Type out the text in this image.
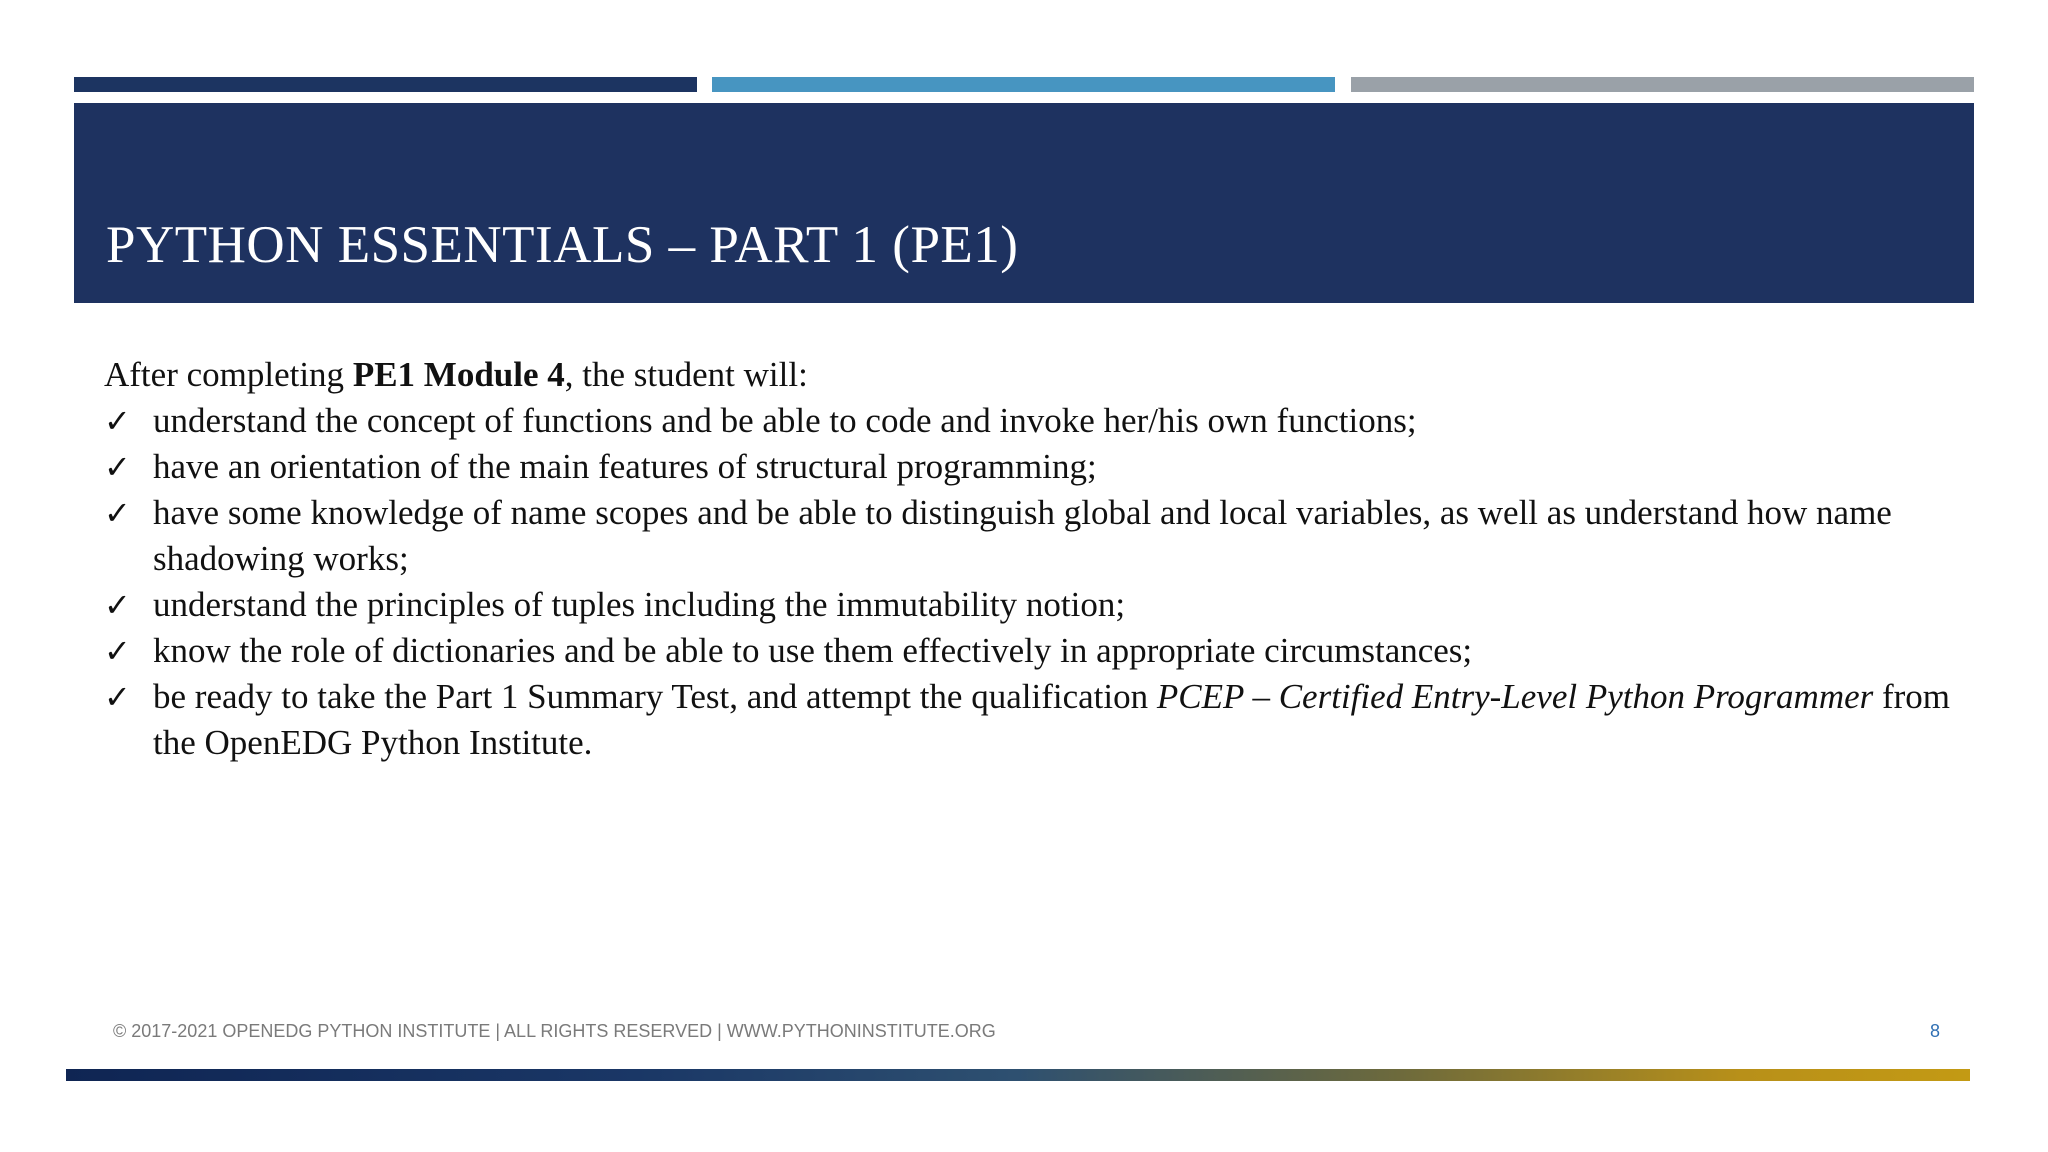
PYTHON ESSENTIALS – PART 1 (PE1)

After completing PE1 Module 4, the student will:

✓ understand the concept of functions and be able to code and invoke her/his own functions;
✓ have an orientation of the main features of structural programming;
✓ have some knowledge of name scopes and be able to distinguish global and local variables, as well as understand how name shadowing works;
✓ understand the principles of tuples including the immutability notion;
✓ know the role of dictionaries and be able to use them effectively in appropriate circumstances;
✓ be ready to take the Part 1 Summary Test, and attempt the qualification PCEP – Certified Entry-Level Python Programmer from the OpenEDG Python Institute.
© 2017-2021 OPENEDG PYTHON INSTITUTE | ALL RIGHTS RESERVED | WWW.PYTHONINSTITUTE.ORG	8
